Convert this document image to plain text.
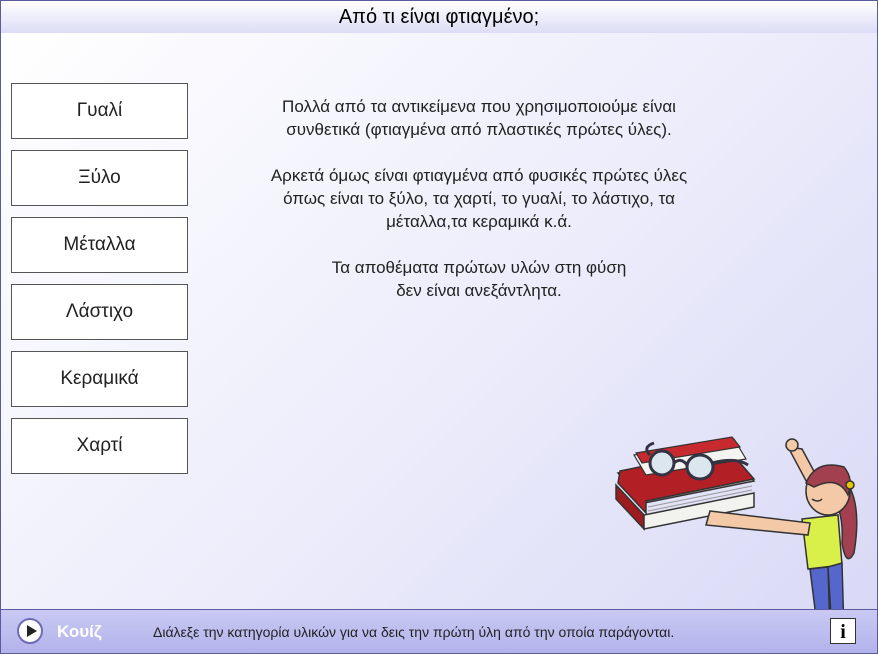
Από τι είναι φτιαγμένο;
Γυαλί
Ξύλο
Μέταλλα
Λάστιχο
Κεραμικά
Χαρτί

Πολλά από τα αντικείμενα που χρησιμοποιούμε είναι
συνθετικά (φτιαγμένα από πλαστικές πρώτες ύλες).

Αρκετά όμως είναι φτιαγμένα από φυσικές πρώτες ύλες
όπως είναι το ξύλο, τα χαρτί, το γυαλί, το λάστιχο, τα
μέταλλα,τα κεραμικά κ.ά.

Τα αποθέματα πρώτων υλών στη φύση
δεν είναι ανεξάντλητα.

Κουίζ	Διάλεξε την κατηγορία υλικών για να δεις την πρώτη ύλη από την οποία παράγονται.	i
